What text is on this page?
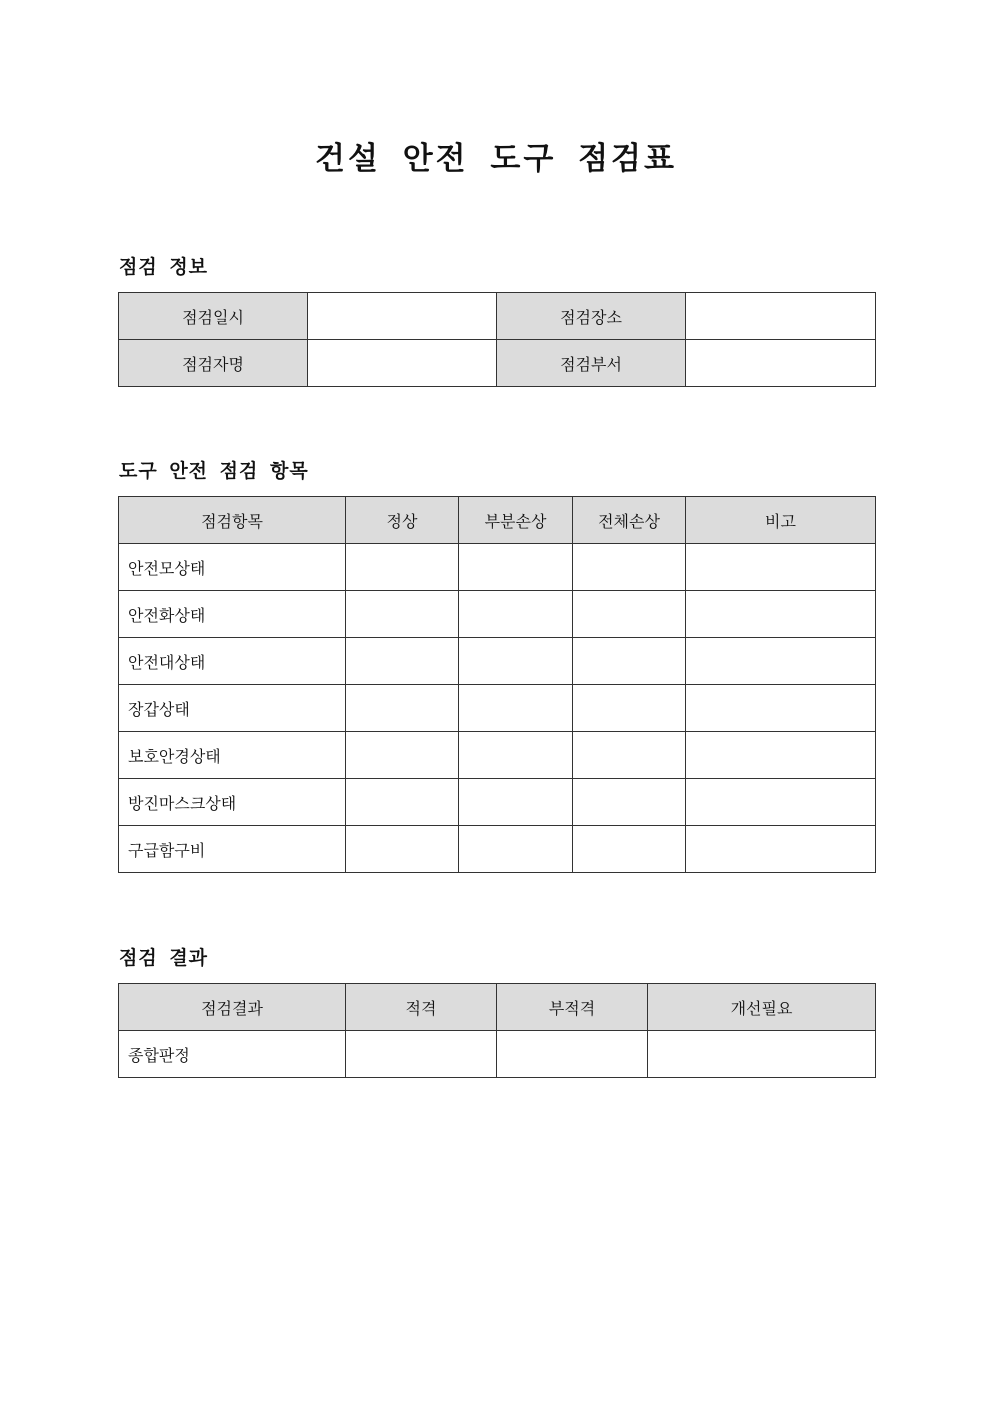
건설 안전 도구 점검표
점검 정보
점검일시		점검장소	
점검자명		점검부서	
도구 안전 점검 항목
점검항목	정상	부분손상	전체손상	비고
안전모상태				
안전화상태				
안전대상태				
장갑상태				
보호안경상태				
방진마스크상태				
구급함구비				
점검 결과
점검결과	적격	부적격	개선필요
종합판정			
